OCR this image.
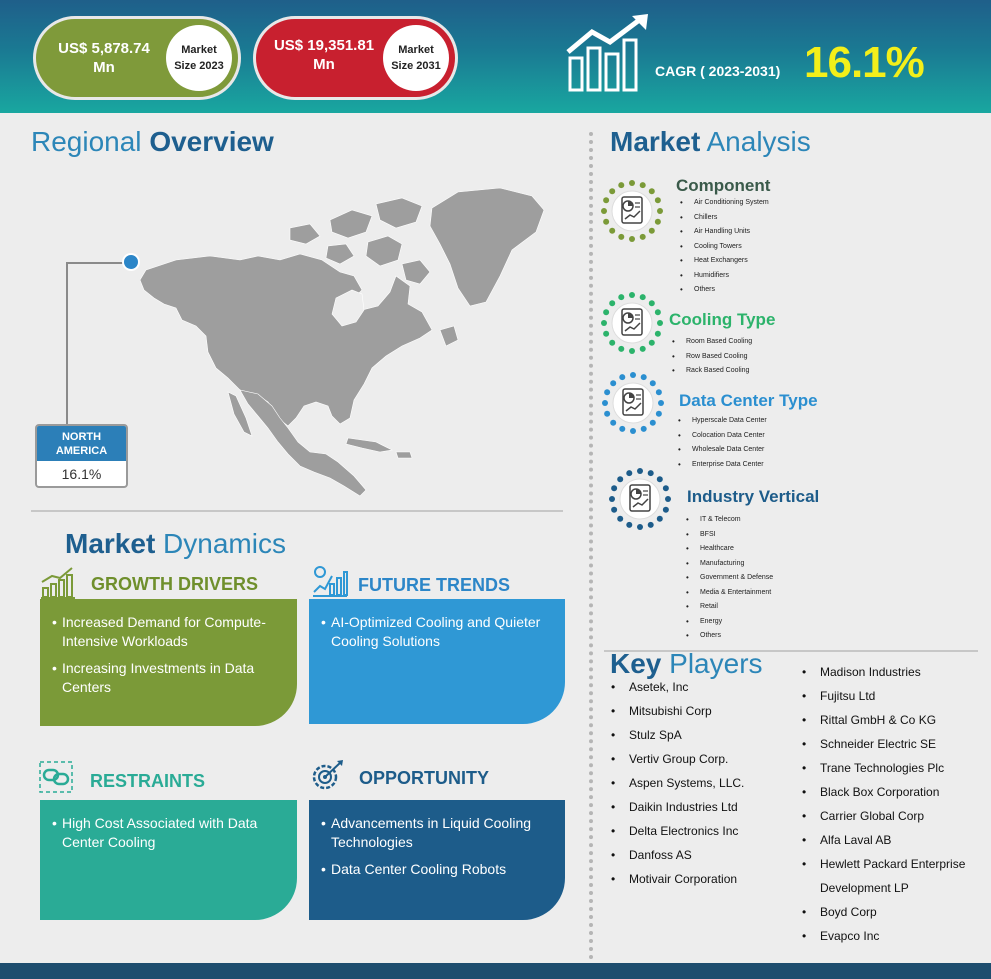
US$ 5,878.74 Mn
Market Size 2023
US$ 19,351.81 Mn
Market Size 2031	CAGR ( 2023-2031) 16.1%
Regional Overview
NORTH AMERICA
16.1%
Market Analysis
Component
• Air Conditioning System
• Chillers
• Air Handling Units
• Cooling Towers
• Heat Exchangers
• Humidifiers
• Others
Cooling Type
• Room Based Cooling
• Row Based Cooling
• Rack Based Cooling
Data Center Type
• Hyperscale Data Center
• Colocation Data Center
• Wholesale Data Center
• Enterprise Data Center
Industry Vertical
• IT & Telecom
• BFSI
• Healthcare
• Manufacturing
• Government & Defense
• Media & Entertainment
• Retail
• Energy
• Others
Market Dynamics
GROWTH DRIVERS
• Increased Demand for Compute-Intensive Workloads
• Increasing Investments in Data Centers
FUTURE TRENDS
• AI-Optimized Cooling and Quieter Cooling Solutions
RESTRAINTS
• High Cost Associated with Data Center Cooling
OPPORTUNITY
• Advancements in Liquid Cooling Technologies
• Data Center Cooling Robots
Key Players
• Asetek, Inc
• Mitsubishi Corp
• Stulz SpA
• Vertiv Group Corp.
• Aspen Systems, LLC.
• Daikin Industries Ltd
• Delta Electronics Inc
• Danfoss AS
• Motivair Corporation
• Madison Industries
• Fujitsu Ltd
• Rittal GmbH & Co KG
• Schneider Electric SE
• Trane Technologies Plc
• Black Box Corporation
• Carrier Global Corp
• Alfa Laval AB
• Hewlett Packard Enterprise Development LP
• Boyd Corp
• Evapco Inc
